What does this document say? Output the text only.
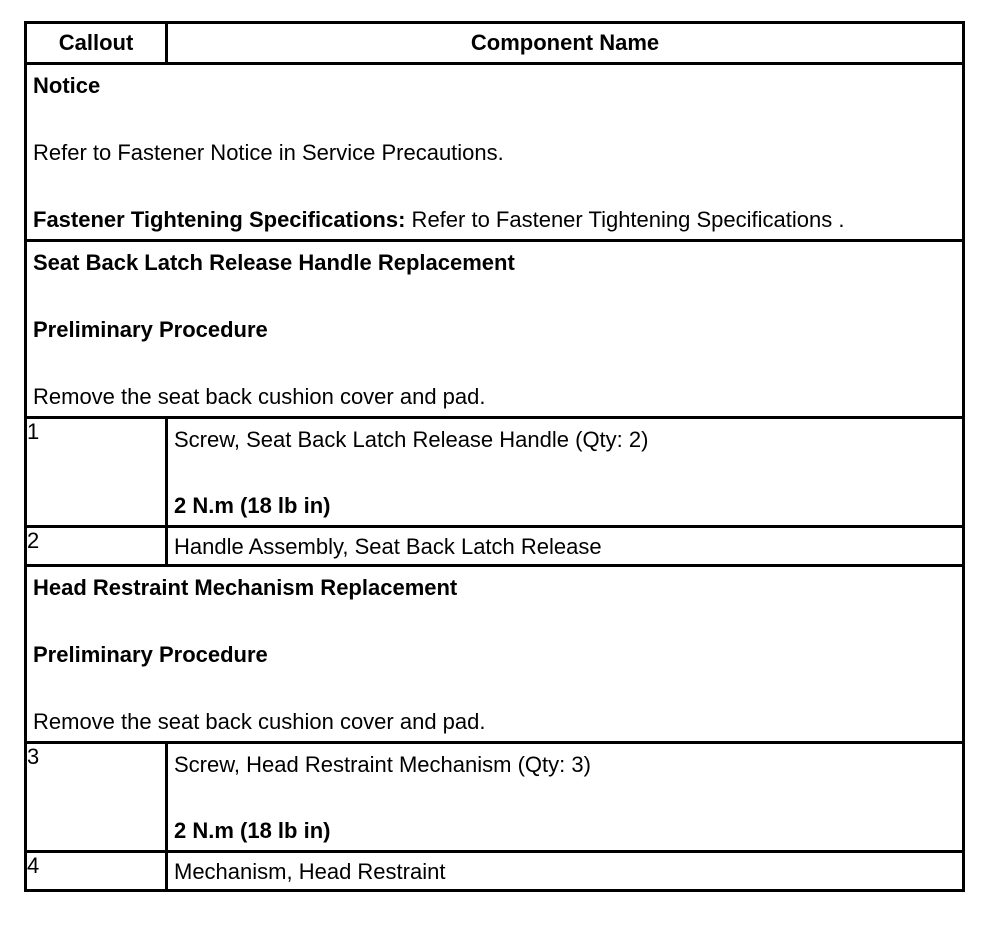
Callout	Component Name

Notice

Refer to Fastener Notice in Service Precautions.

Fastener Tightening Specifications: Refer to Fastener Tightening Specifications .	

Seat Back Latch Release Handle Replacement

Preliminary Procedure

Remove the seat back cushion cover and pad.	

1	Screw, Seat Back Latch Release Handle (Qty: 2)

2 N.m (18 lb in)

2	Handle Assembly, Seat Back Latch Release

Head Restraint Mechanism Replacement

Preliminary Procedure

Remove the seat back cushion cover and pad.	

3	Screw, Head Restraint Mechanism (Qty: 3)

2 N.m (18 lb in)

4	Mechanism, Head Restraint
